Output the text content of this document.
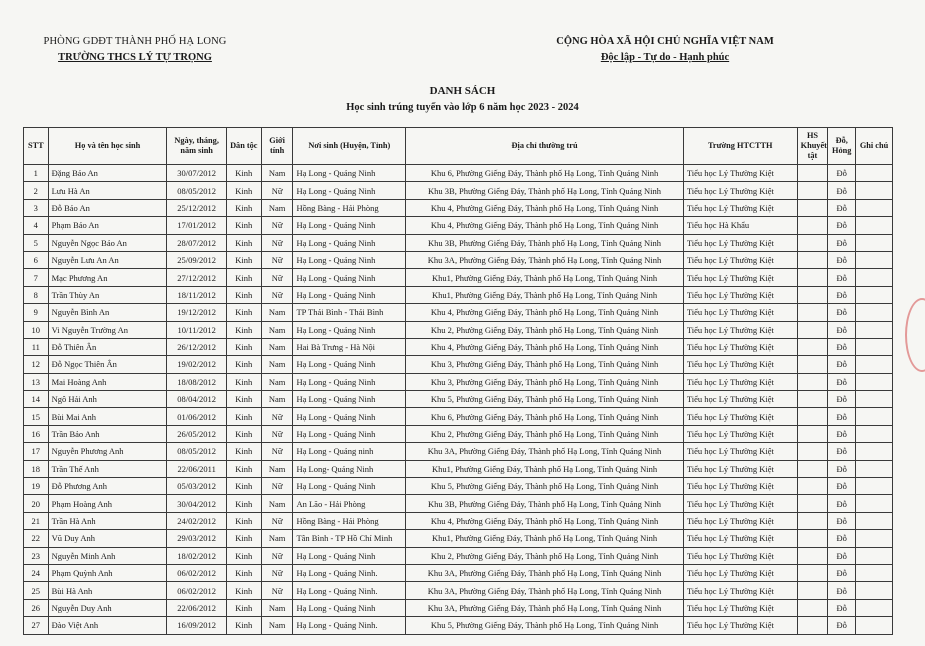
PHÒNG GDĐT THÀNH PHỐ HẠ LONG
TRƯỜNG THCS LÝ TỰ TRỌNG
CỘNG HÒA XÃ HỘI CHỦ NGHĨA VIỆT NAM
Độc lập - Tự do - Hạnh phúc
DANH SÁCH
Học sinh trúng tuyển vào lớp 6 năm học 2023 - 2024
STT	Họ và tên học sinh	Ngày, tháng, năm sinh	Dân tộc	Giới tính	Nơi sinh (Huyện, Tỉnh)	Địa chỉ thường trú	Trường HTCTTH	HS Khuyết tật	Đỗ, Hỏng	Ghi chú
1	Đặng Bảo An	30/07/2012	Kinh	Nam	Hạ Long - Quảng Ninh	Khu 6, Phường Giếng Đáy, Thành phố Hạ Long, Tỉnh Quảng Ninh	Tiểu học Lý Thường Kiệt		Đỗ	
2	Lưu Hà An	08/05/2012	Kinh	Nữ	Hạ Long - Quảng Ninh	Khu 3B, Phường Giếng Đáy, Thành phố Hạ Long, Tỉnh Quảng Ninh	Tiểu học Lý Thường Kiệt		Đỗ	
3	Đỗ Bảo An	25/12/2012	Kinh	Nam	Hồng Bàng - Hải Phòng	Khu 4, Phường Giếng Đáy, Thành phố Hạ Long, Tỉnh Quảng Ninh	Tiểu học Lý Thường Kiệt		Đỗ	
4	Phạm Bảo An	17/01/2012	Kinh	Nữ	Hạ Long - Quảng Ninh	Khu 4, Phường Giếng Đáy, Thành phố Hạ Long, Tỉnh Quảng Ninh	Tiểu học Hà Khẩu		Đỗ	
5	Nguyễn Ngọc Bảo An	28/07/2012	Kinh	Nữ	Hạ Long - Quảng Ninh	Khu 3B, Phường Giếng Đáy, Thành phố Hạ Long, Tỉnh Quảng Ninh	Tiểu học Lý Thường Kiệt		Đỗ	
6	Nguyễn Lưu An An	25/09/2012	Kinh	Nữ	Hạ Long - Quảng Ninh	Khu 3A, Phường Giếng Đáy, Thành phố Hạ Long, Tỉnh Quảng Ninh	Tiểu học Lý Thường Kiệt		Đỗ	
7	Mạc Phương An	27/12/2012	Kinh	Nữ	Hạ Long - Quảng Ninh	Khu1, Phường Giếng Đáy, Thành phố Hạ Long, Tỉnh Quảng Ninh	Tiểu học Lý Thường Kiệt		Đỗ	
8	Trần Thùy An	18/11/2012	Kinh	Nữ	Hạ Long - Quảng Ninh	Khu1, Phường Giếng Đáy, Thành phố Hạ Long, Tỉnh Quảng Ninh	Tiểu học Lý Thường Kiệt		Đỗ	
9	Nguyễn Bình An	19/12/2012	Kinh	Nam	TP Thái Bình - Thái Bình	Khu 4, Phường Giếng Đáy, Thành phố Hạ Long, Tỉnh Quảng Ninh	Tiểu học Lý Thường Kiệt		Đỗ	
10	Vi Nguyễn Trường An	10/11/2012	Kinh	Nam	Hạ Long - Quảng Ninh	Khu 2, Phường Giếng Đáy, Thành phố Hạ Long, Tỉnh Quảng Ninh	Tiểu học Lý Thường Kiệt		Đỗ	
11	Đỗ Thiên Ân	26/12/2012	Kinh	Nam	Hai Bà Trưng - Hà Nội	Khu 4, Phường Giếng Đáy, Thành phố Hạ Long, Tỉnh Quảng Ninh	Tiểu học Lý Thường Kiệt		Đỗ	
12	Đỗ Ngọc Thiên Ân	19/02/2012	Kinh	Nam	Hạ Long - Quảng Ninh	Khu 3, Phường Giếng Đáy, Thành phố Hạ Long, Tỉnh Quảng Ninh	Tiểu học Lý Thường Kiệt		Đỗ	
13	Mai Hoàng Anh	18/08/2012	Kinh	Nam	Hạ Long - Quảng Ninh	Khu 3, Phường Giếng Đáy, Thành phố Hạ Long, Tỉnh Quảng Ninh	Tiểu học Lý Thường Kiệt		Đỗ	
14	Ngô Hải Anh	08/04/2012	Kinh	Nam	Hạ Long - Quảng Ninh	Khu 5, Phường Giếng Đáy, Thành phố Hạ Long, Tỉnh Quảng Ninh	Tiểu học Lý Thường Kiệt		Đỗ	
15	Bùi Mai Anh	01/06/2012	Kinh	Nữ	Hạ Long - Quảng Ninh	Khu 6, Phường Giếng Đáy, Thành phố Hạ Long, Tỉnh Quảng Ninh	Tiểu học Lý Thường Kiệt		Đỗ	
16	Trần Bảo Anh	26/05/2012	Kinh	Nữ	Hạ Long - Quảng Ninh	Khu 2, Phường Giếng Đáy, Thành phố Hạ Long, Tỉnh Quảng Ninh	Tiểu học Lý Thường Kiệt		Đỗ	
17	Nguyễn Phương Anh	08/05/2012	Kinh	Nữ	Hạ Long - Quảng ninh	Khu 3A, Phường Giếng Đáy, Thành phố Hạ Long, Tỉnh Quảng Ninh	Tiểu học Lý Thường Kiệt		Đỗ	
18	Trần Thế Anh	22/06/2011	Kinh	Nam	Hạ Long- Quảng Ninh	Khu1, Phường Giếng Đáy, Thành phố Hạ Long, Tỉnh Quảng Ninh	Tiểu học Lý Thường Kiệt		Đỗ	
19	Đỗ Phương Anh	05/03/2012	Kinh	Nữ	Hạ Long - Quảng Ninh	Khu 5, Phường Giếng Đáy, Thành phố Hạ Long, Tỉnh Quảng Ninh	Tiểu học Lý Thường Kiệt		Đỗ	
20	Phạm Hoàng Anh	30/04/2012	Kinh	Nam	An Lão - Hải Phòng	Khu 3B, Phường Giếng Đáy, Thành phố Hạ Long, Tỉnh Quảng Ninh	Tiểu học Lý Thường Kiệt		Đỗ	
21	Trần Hà Anh	24/02/2012	Kinh	Nữ	Hồng Bàng - Hải Phòng	Khu 4, Phường Giếng Đáy, Thành phố Hạ Long, Tỉnh Quảng Ninh	Tiểu học Lý Thường Kiệt		Đỗ	
22	Vũ Duy Anh	29/03/2012	Kinh	Nam	Tân Bình - TP Hồ Chí Minh	Khu1, Phường Giếng Đáy, Thành phố Hạ Long, Tỉnh Quảng Ninh	Tiểu học Lý Thường Kiệt		Đỗ	
23	Nguyễn Minh Anh	18/02/2012	Kinh	Nữ	Hạ Long - Quảng Ninh	Khu 2, Phường Giếng Đáy, Thành phố Hạ Long, Tỉnh Quảng Ninh	Tiểu học Lý Thường Kiệt		Đỗ	
24	Phạm Quỳnh Anh	06/02/2012	Kinh	Nữ	Hạ Long - Quảng Ninh.	Khu 3A, Phường Giếng Đáy, Thành phố Hạ Long, Tỉnh Quảng Ninh	Tiểu học Lý Thường Kiệt		Đỗ	
25	Bùi Hà Anh	06/02/2012	Kinh	Nữ	Hạ Long - Quảng Ninh.	Khu 3A, Phường Giếng Đáy, Thành phố Hạ Long, Tỉnh Quảng Ninh	Tiểu học Lý Thường Kiệt		Đỗ	
26	Nguyễn Duy Anh	22/06/2012	Kinh	Nam	Hạ Long - Quảng Ninh	Khu 3A, Phường Giếng Đáy, Thành phố Hạ Long, Tỉnh Quảng Ninh	Tiểu học Lý Thường Kiệt		Đỗ	
27	Đào Việt Anh	16/09/2012	Kinh	Nam	Hạ Long - Quảng Ninh.	Khu 5, Phường Giếng Đáy, Thành phố Hạ Long, Tỉnh Quảng Ninh	Tiểu học Lý Thường Kiệt		Đỗ	
